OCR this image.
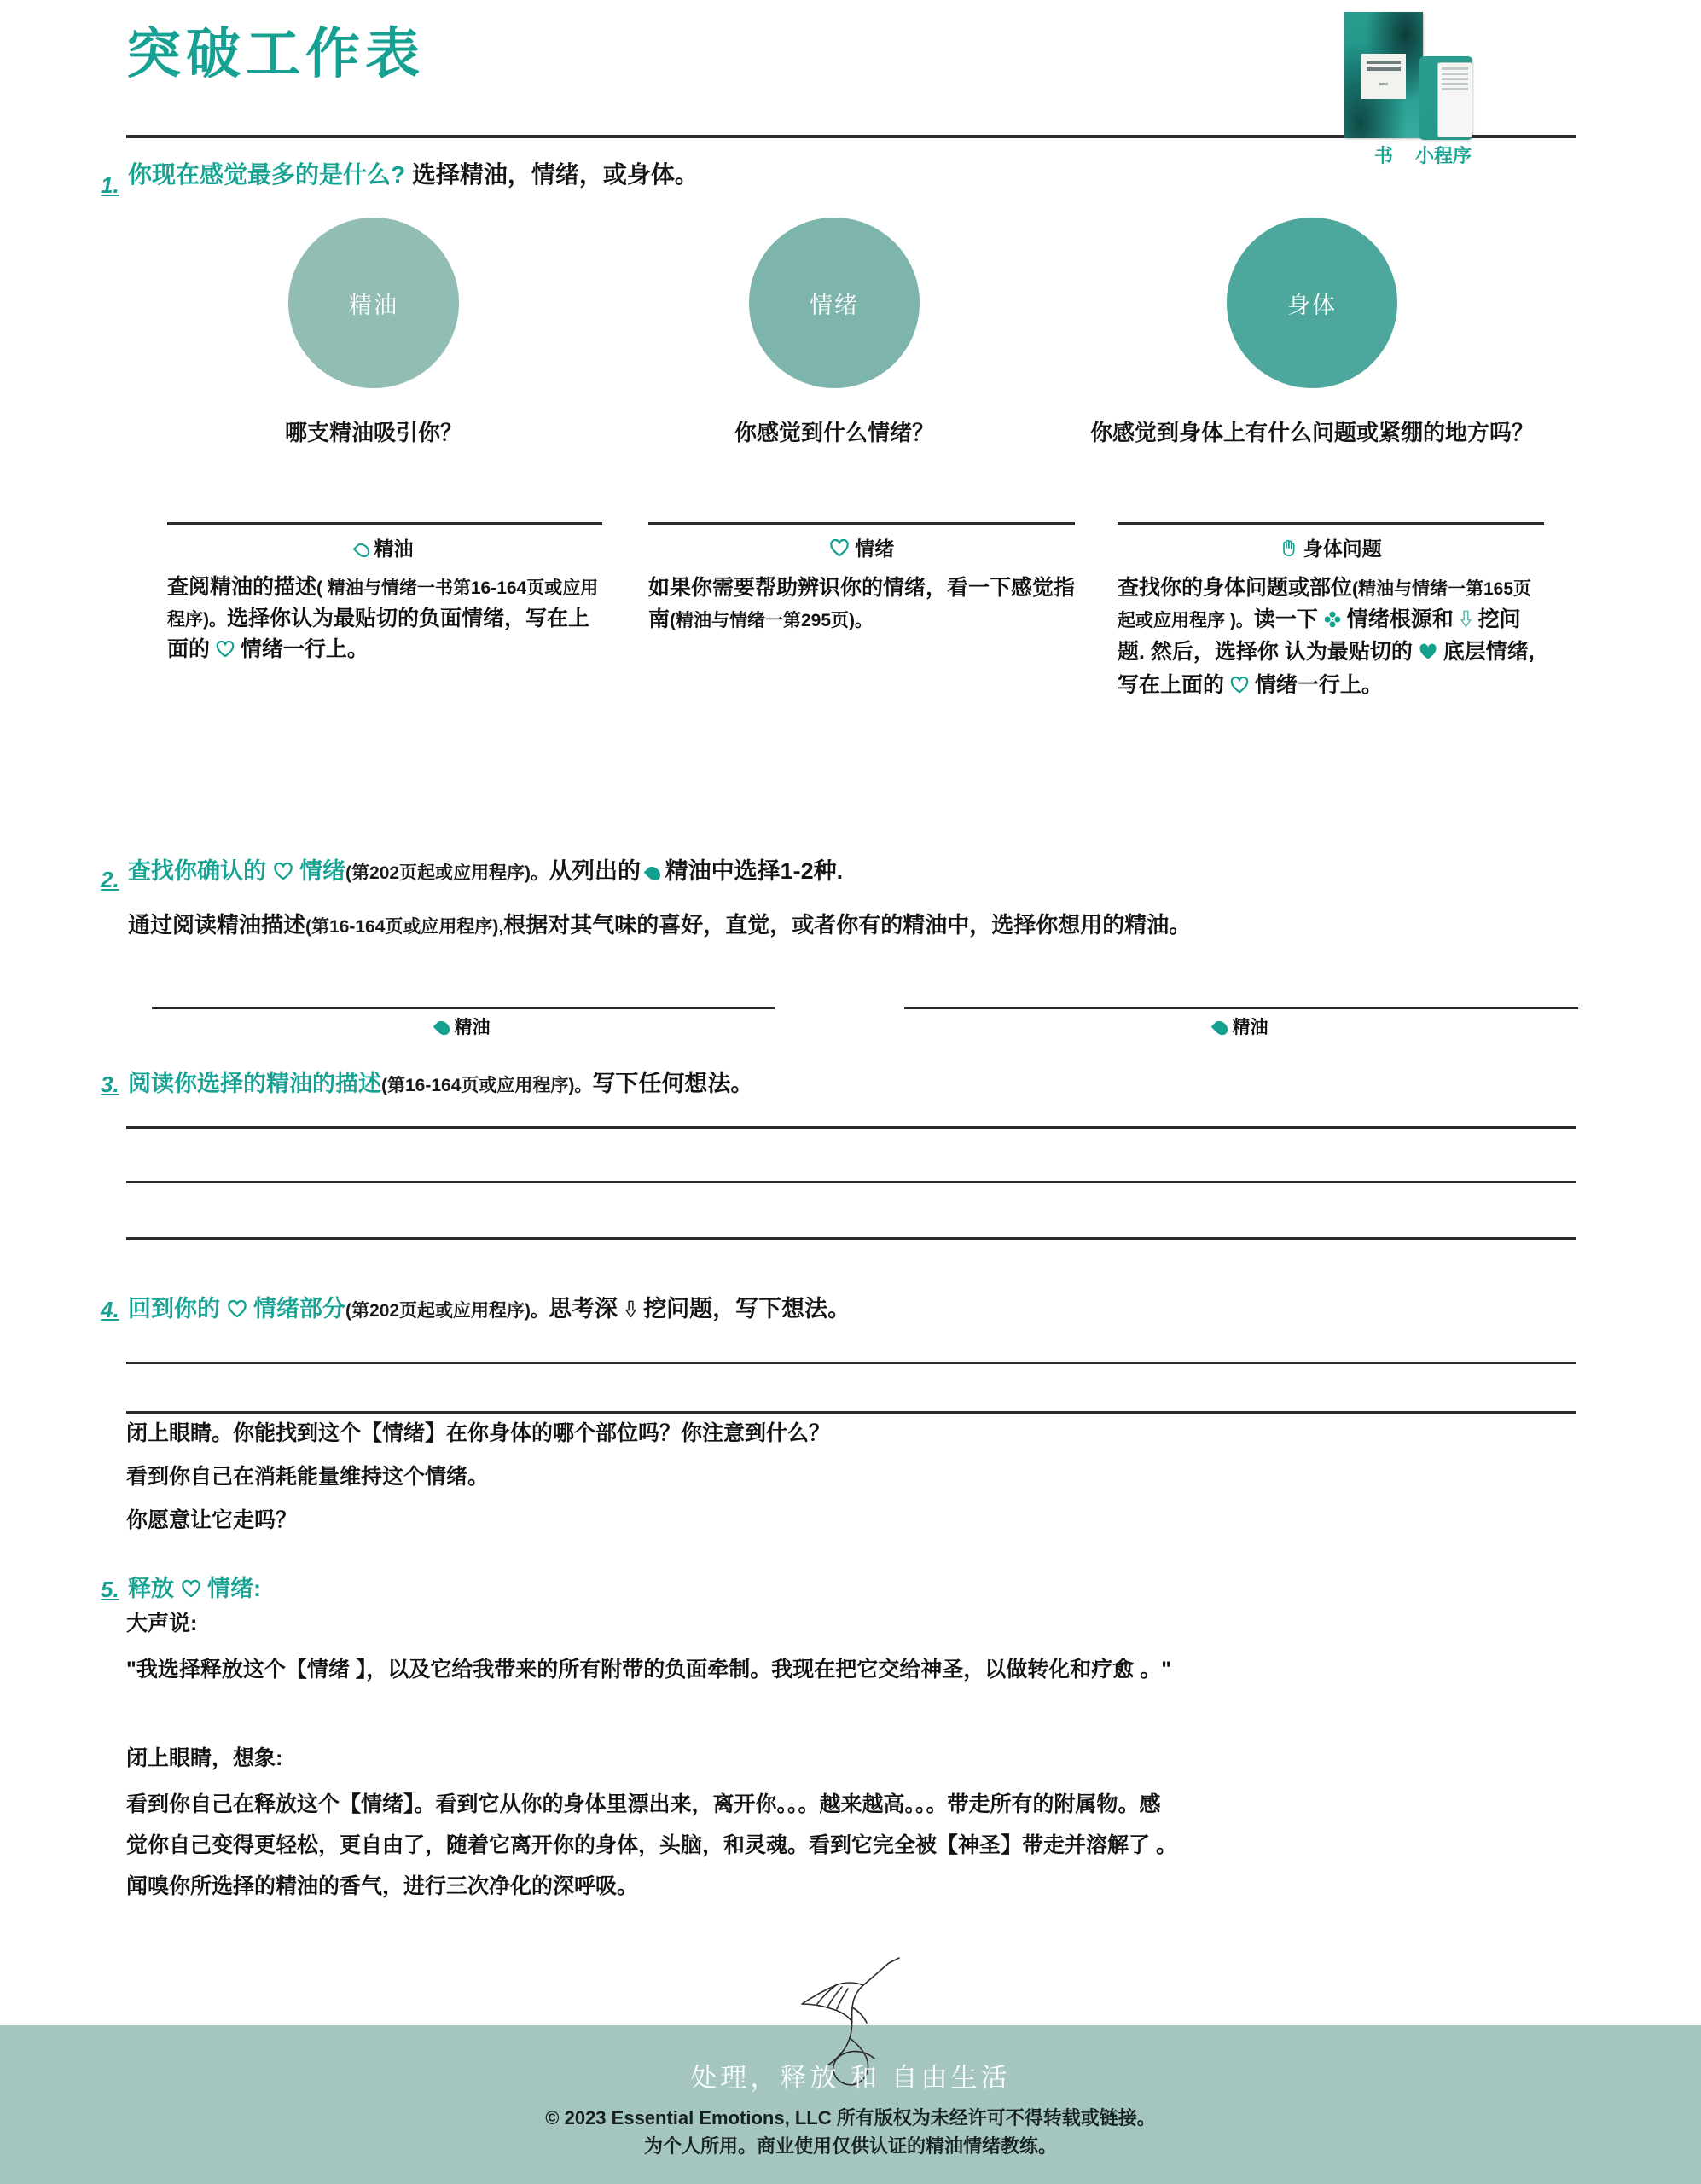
突破工作表
书 小程序
1. 你现在感觉最多的是什么? 选择精油，情绪，或身体。
精油
哪支精油吸引你？
情绪
你感觉到什么情绪？
身体
你感觉到身体上有什么问题或紧绷的地方吗？
精油
查阅精油的描述( 精油与情绪一书第16-164页或应用程序)。选择你认为最贴切的负面情绪，写在上面的 情绪一行上。
情绪
如果你需要帮助辨识你的情绪，看一下感觉指南(精油与情绪一第295页)。
身体问题
查找你的身体问题或部位(精油与情绪一第165页起或应用程序 )。读一下 情绪根源和 挖问题. 然后，选择你 认为最贴切的 底层情绪, 写在上面的 情绪一行上。
2. 查找你确认的 情绪(第202页起或应用程序)。从列出的 精油中选择1-2种.
通过阅读精油描述(第16-164页或应用程序),根据对其气味的喜好，直觉，或者你有的精油中，选择你想用的精油。
精油	精油
3. 阅读你选择的精油的描述(第16-164页或应用程序)。写下任何想法。
4. 回到你的 情绪部分(第202页起或应用程序)。思考深 挖问题，写下想法。

闭上眼睛。你能找到这个【情绪】在你身体的哪个部位吗？你注意到什么？

看到你自己在消耗能量维持这个情绪。

你愿意让它走吗？

5. 释放 情绪:
大声说:
"我选择释放这个【情绪 】，以及它给我带来的所有附带的负面牵制。我现在把它交给神圣，以做转化和疗愈 。"
闭上眼睛，想象:
看到你自己在释放这个【情绪】。看到它从你的身体里漂出来，离开你。。。越来越高。。。带走所有的附属物。感
觉你自己变得更轻松，更自由了，随着它离开你的身体，头脑，和灵魂。看到它完全被【神圣】带走并溶解了 。
闻嗅你所选择的精油的香气，进行三次净化的深呼吸。
处理，释放 和 自由生活
© 2023 Essential Emotions, LLC 所有版权为未经许可不得转载或链接。
为个人所用。商业使用仅供认证的精油情绪教练。
